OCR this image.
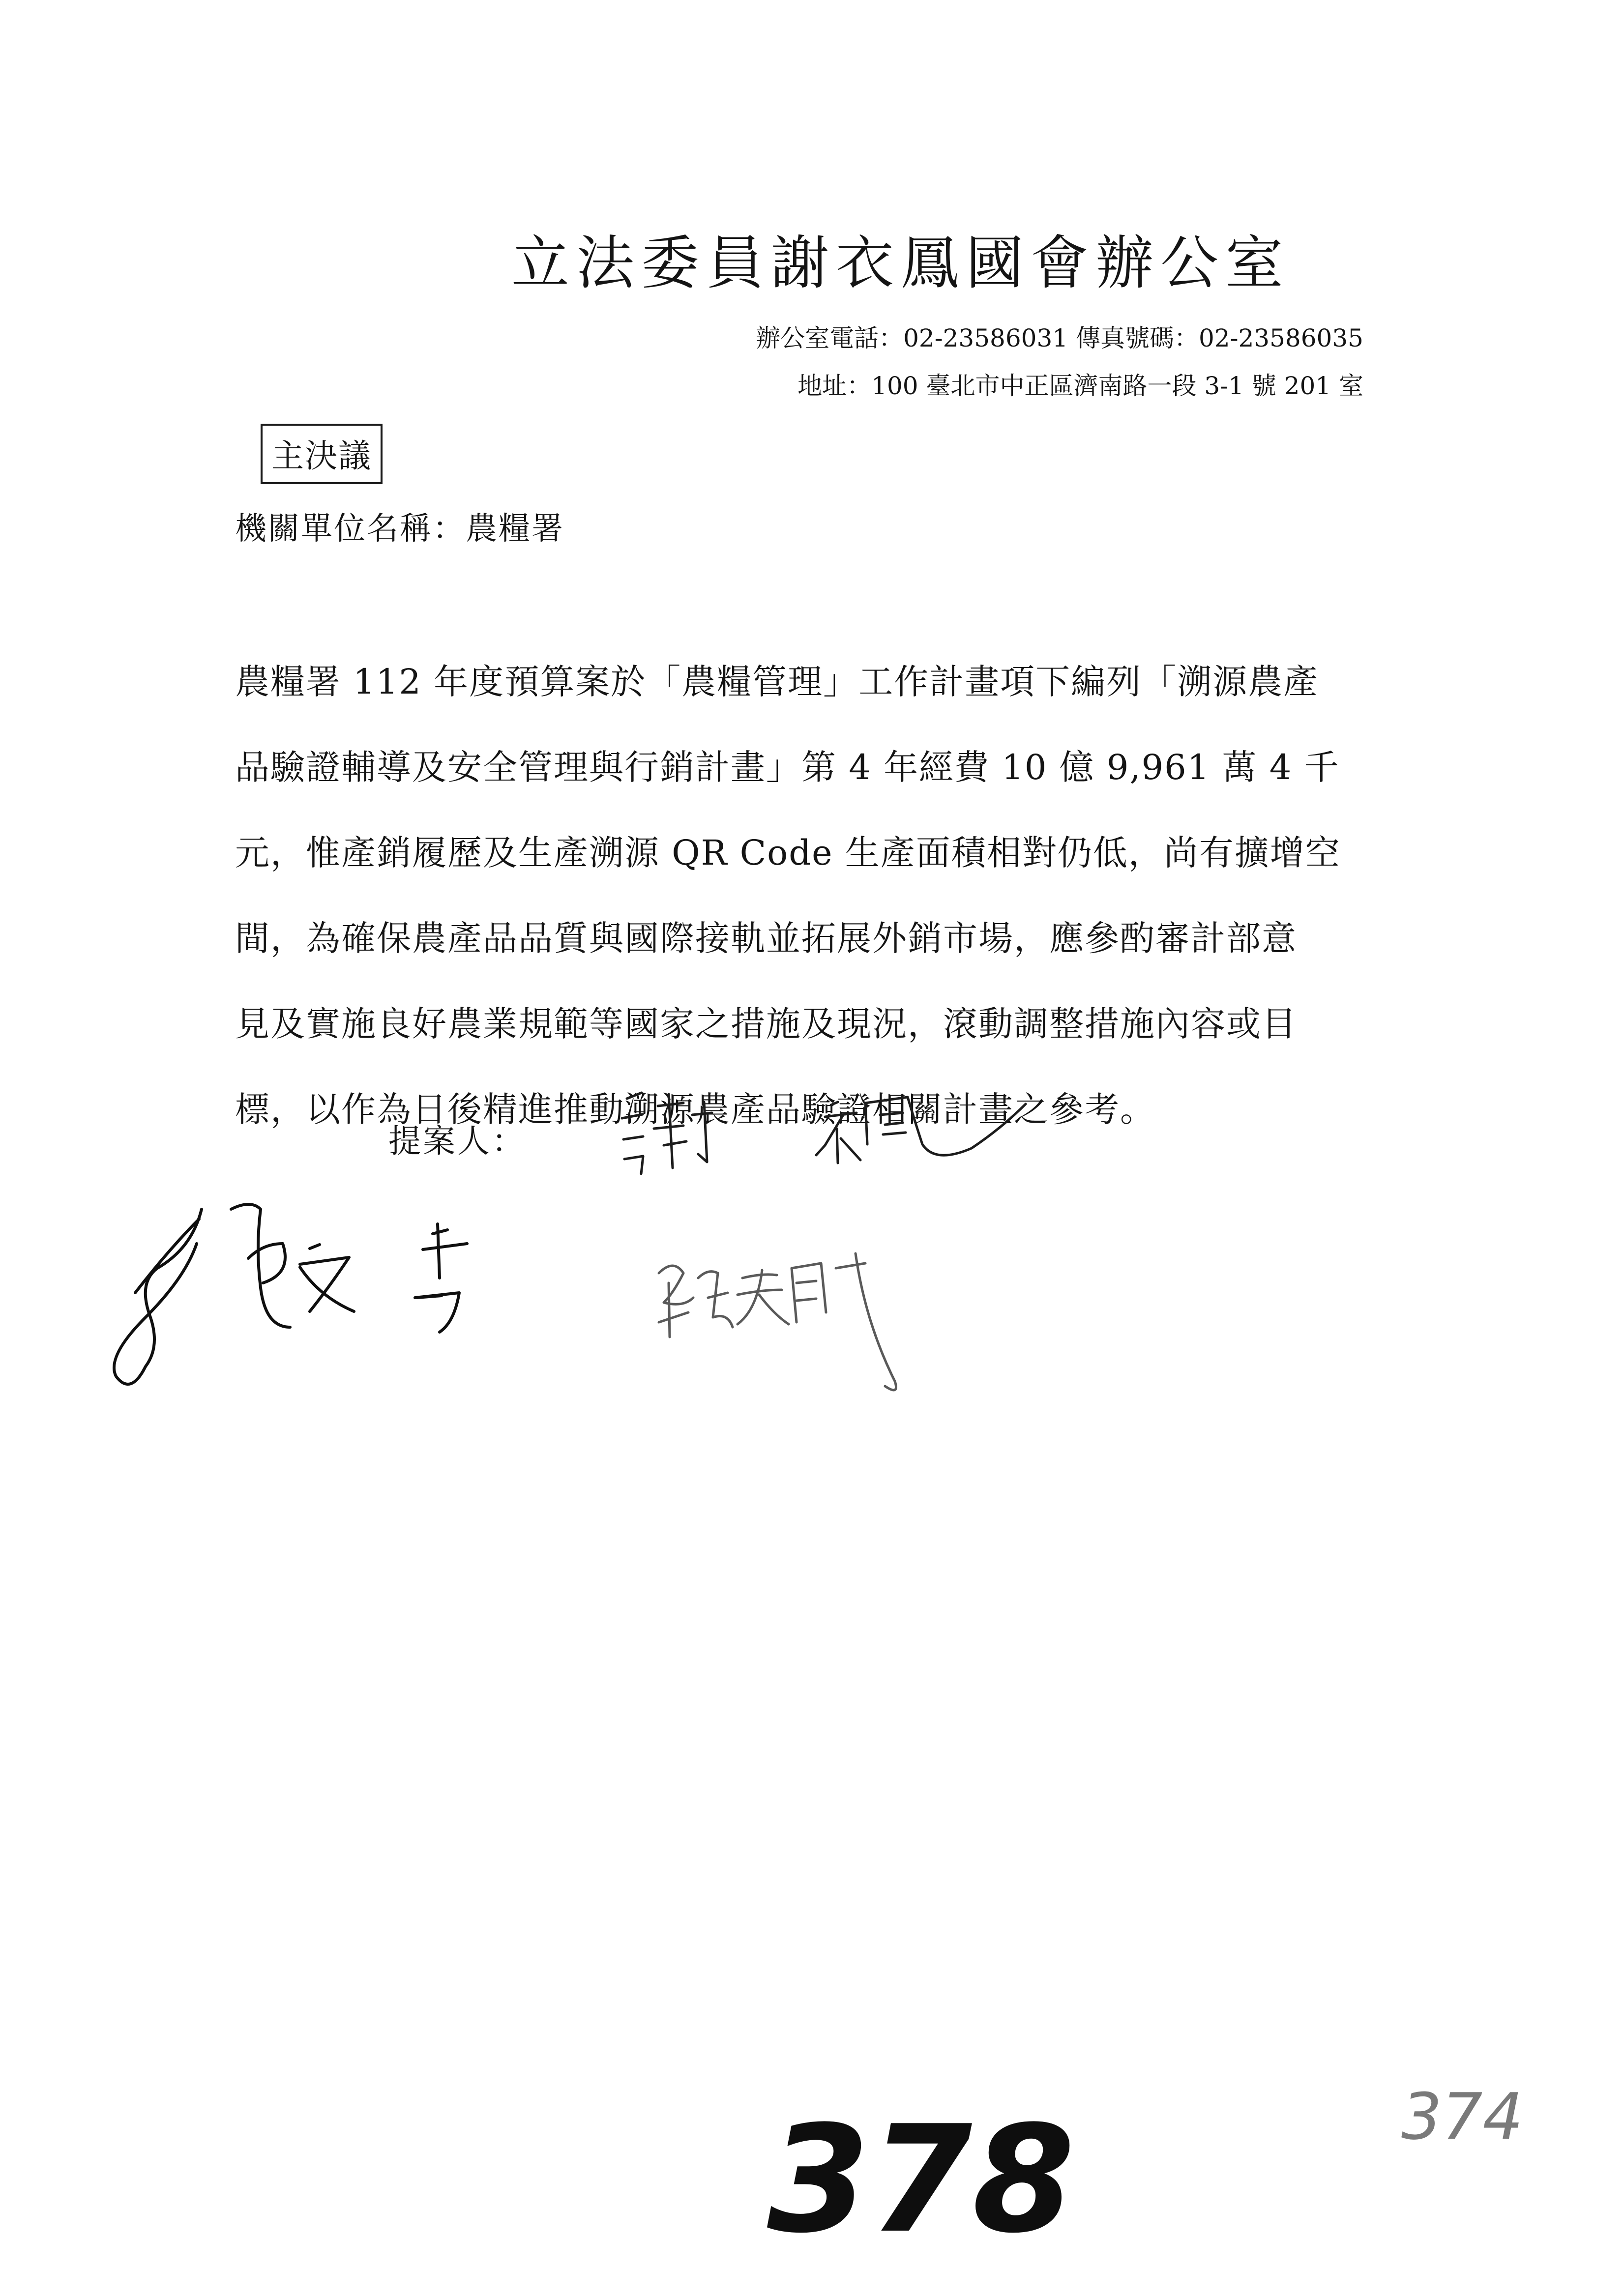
立法委員謝衣鳳國會辦公室
辦公室電話：02-23586031 傳真號碼：02-23586035
地址：100 臺北市中正區濟南路一段 3-1 號 201 室
主決議
機關單位名稱：農糧署
農糧署 112 年度預算案於「農糧管理」工作計畫項下編列「溯源農產
品驗證輔導及安全管理與行銷計畫」第 4 年經費 10 億 9,961 萬 4 千
元，惟產銷履歷及生產溯源 QR Code 生產面積相對仍低，尚有擴增空
間，為確保農產品品質與國際接軌並拓展外銷市場，應參酌審計部意
見及實施良好農業規範等國家之措施及現況，滾動調整措施內容或目
標，以作為日後精進推動溯源農產品驗證相關計畫之參考。
提案人：
378	374
